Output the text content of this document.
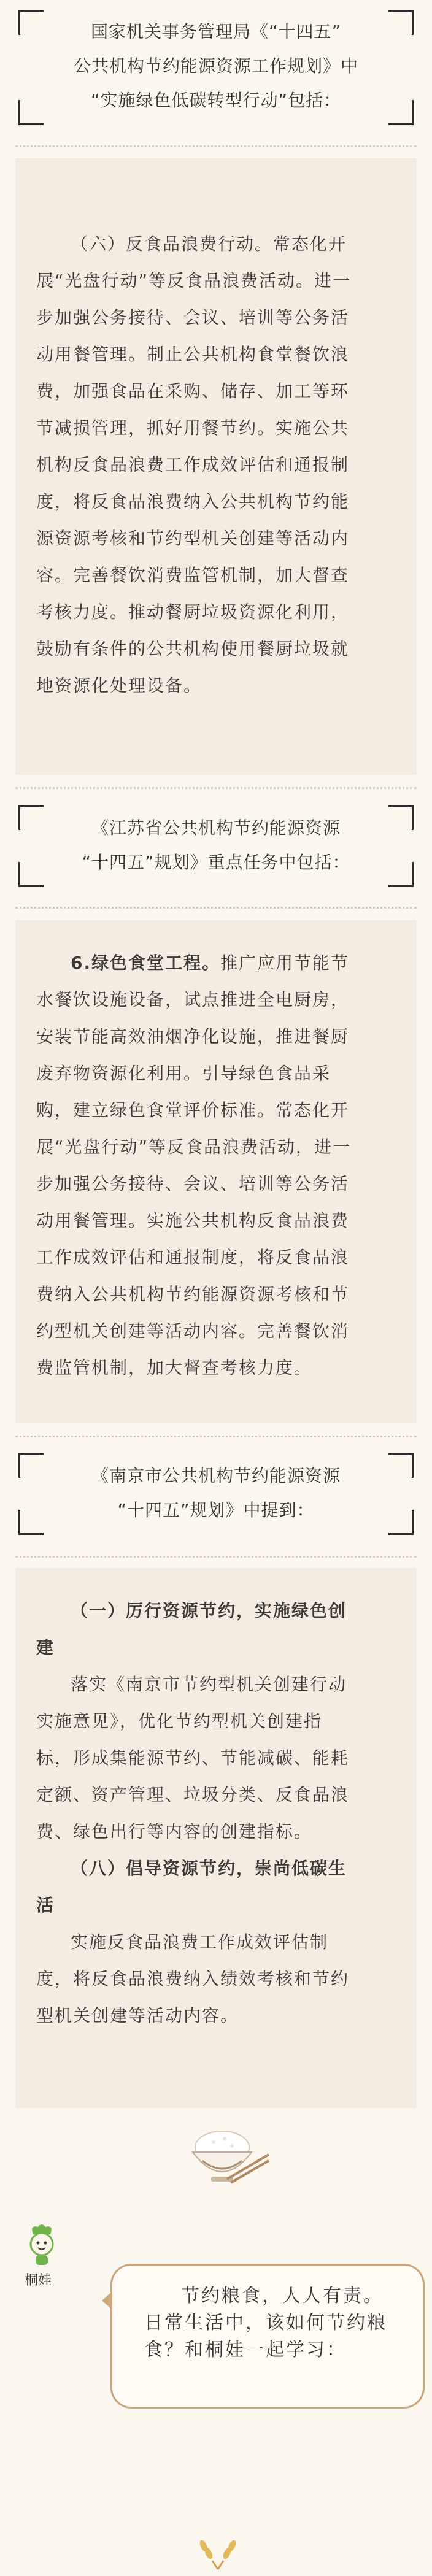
国家机关事务管理局《“十四五”
公共机构节约能源资源工作规划》中
“实施绿色低碳转型行动”包括：
（六）反食品浪费行动。常态化开
展“光盘行动”等反食品浪费活动。进一
步加强公务接待、会议、培训等公务活
动用餐管理。制止公共机构食堂餐饮浪
费，加强食品在采购、储存、加工等环
节减损管理，抓好用餐节约。实施公共
机构反食品浪费工作成效评估和通报制
度，将反食品浪费纳入公共机构节约能
源资源考核和节约型机关创建等活动内
容。完善餐饮消费监管机制，加大督查
考核力度。推动餐厨垃圾资源化利用，
鼓励有条件的公共机构使用餐厨垃圾就
地资源化处理设备。
《江苏省公共机构节约能源资源
“十四五”规划》重点任务中包括：
6.绿色食堂工程。推广应用节能节
水餐饮设施设备，试点推进全电厨房，
安装节能高效油烟净化设施，推进餐厨
废弃物资源化利用。引导绿色食品采
购，建立绿色食堂评价标准。常态化开
展“光盘行动”等反食品浪费活动，进一
步加强公务接待、会议、培训等公务活
动用餐管理。实施公共机构反食品浪费
工作成效评估和通报制度，将反食品浪
费纳入公共机构节约能源资源考核和节
约型机关创建等活动内容。完善餐饮消
费监管机制，加大督查考核力度。
《南京市公共机构节约能源资源
“十四五”规划》中提到：
（一）厉行资源节约，实施绿色创
建
落实《南京市节约型机关创建行动
实施意见》，优化节约型机关创建指
标，形成集能源节约、节能减碳、能耗
定额、资产管理、垃圾分类、反食品浪
费、绿色出行等内容的创建指标。
（八）倡导资源节约，崇尚低碳生
活
实施反食品浪费工作成效评估制
度，将反食品浪费纳入绩效考核和节约
型机关创建等活动内容。
桐娃
节约粮食，人人有责。日常生活中，该如何节约粮食？和桐娃一起学习：
